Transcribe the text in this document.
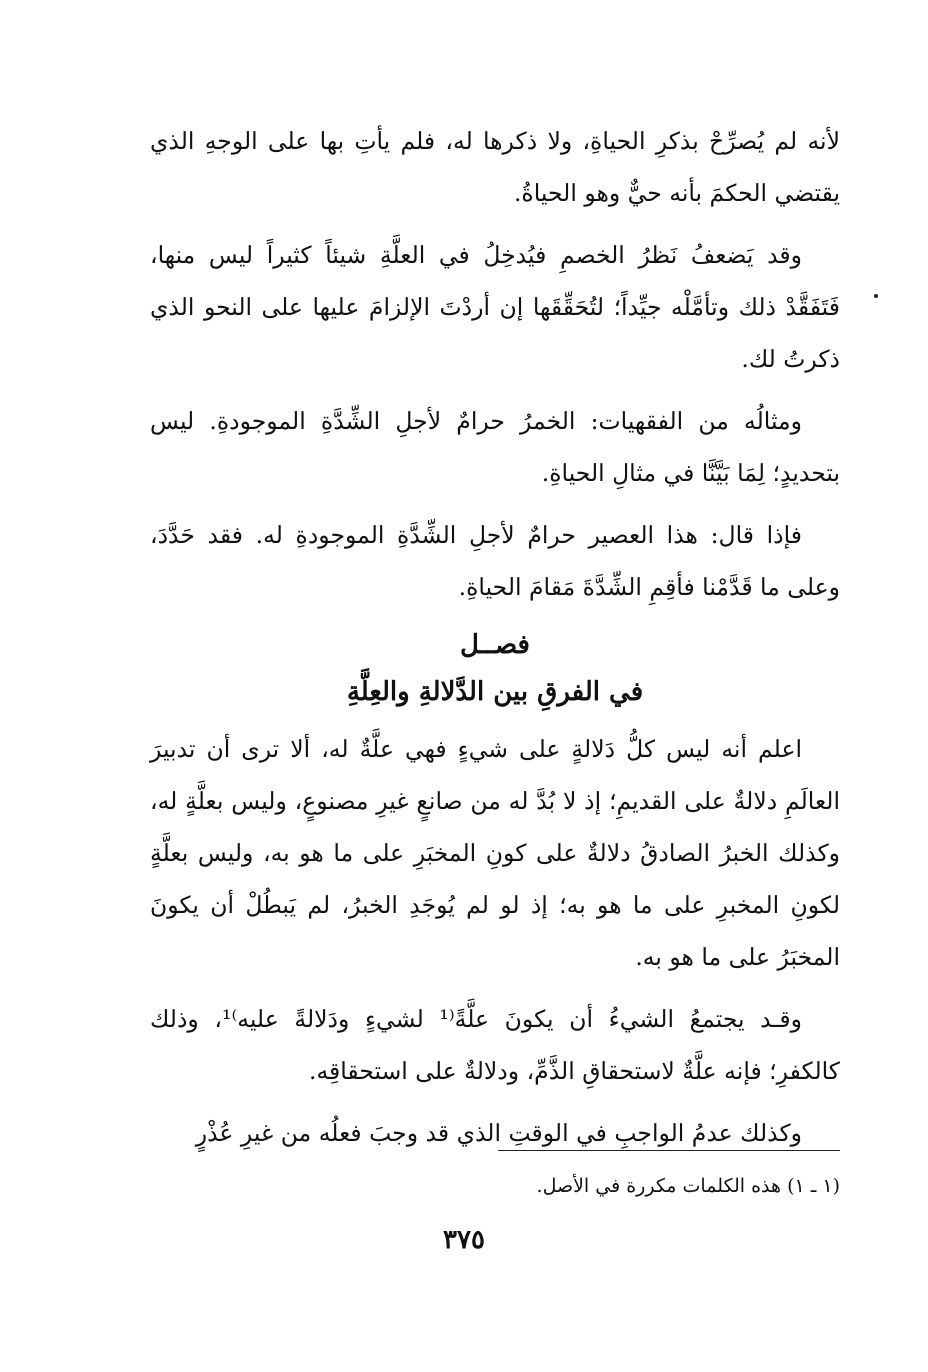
لأنه لم يُصرِّحْ بذكرِ الحياةِ، ولا ذكرها له، فلم يأتِ بها على الوجهِ الذي يقتضي الحكمَ بأنه حيٌّ وهو الحياةُ.

وقد يَضعفُ نَظرُ الخصمِ فيُدخِلُ في العلَّةِ شيئاً كثيراً ليس منها، فَتَفَقَّدْ ذلك وتأمَّلْه جيِّداً؛ لتُحَقِّقَها إن أردْتَ الإلزامَ عليها على النحو الذي ذكرتُ لك.

ومثالُه من الفقهيات: الخمرُ حرامٌ لأجلِ الشِّدَّةِ الموجودةِ. ليس بتحديدٍ؛ لِمَا بَيَّنَّا في مثالِ الحياةِ.

فإذا قال: هذا العصير حرامٌ لأجلِ الشِّدَّةِ الموجودةِ له. فقد حَدَّدَ، وعلى ما قَدَّمْنا فأقِمِ الشِّدَّةَ مَقامَ الحياةِ.

فصــل
في الفرقِ بين الدَّلالةِ والعِلَّةِ

اعلم أنه ليس كلُّ دَلالةٍ على شيءٍ فهي علَّةٌ له، ألا ترى أن تدبيرَ العالَمِ دلالةٌ على القديمِ؛ إذ لا بُدَّ له من صانعٍ غيرِ مصنوعٍ، وليس بعلَّةٍ له، وكذلك الخبرُ الصادقُ دلالةٌ على كونِ المخبَرِ على ما هو به، وليس بعلَّةٍ لكونِ المخبرِ على ما هو به؛ إذ لو لم يُوجَدِ الخبرُ، لم يَبطُلْ أن يكونَ المخبَرُ على ما هو به.

وقـد يجتمعُ الشيءُ أن يكونَ علَّةً⁽¹ لشيءٍ ودَلالةً عليه⁾¹، وذلك كالكفرِ؛ فإنه علَّةٌ لاستحقاقِ الذَّمِّ، ودلالةٌ على استحقاقِه.

وكذلك عدمُ الواجبِ في الوقتِ الذي قد وجبَ فعلُه من غيرِ عُذْرٍ

(١ ـ ١) هذه الكلمات مكررة في الأصل.
٣٧٥
